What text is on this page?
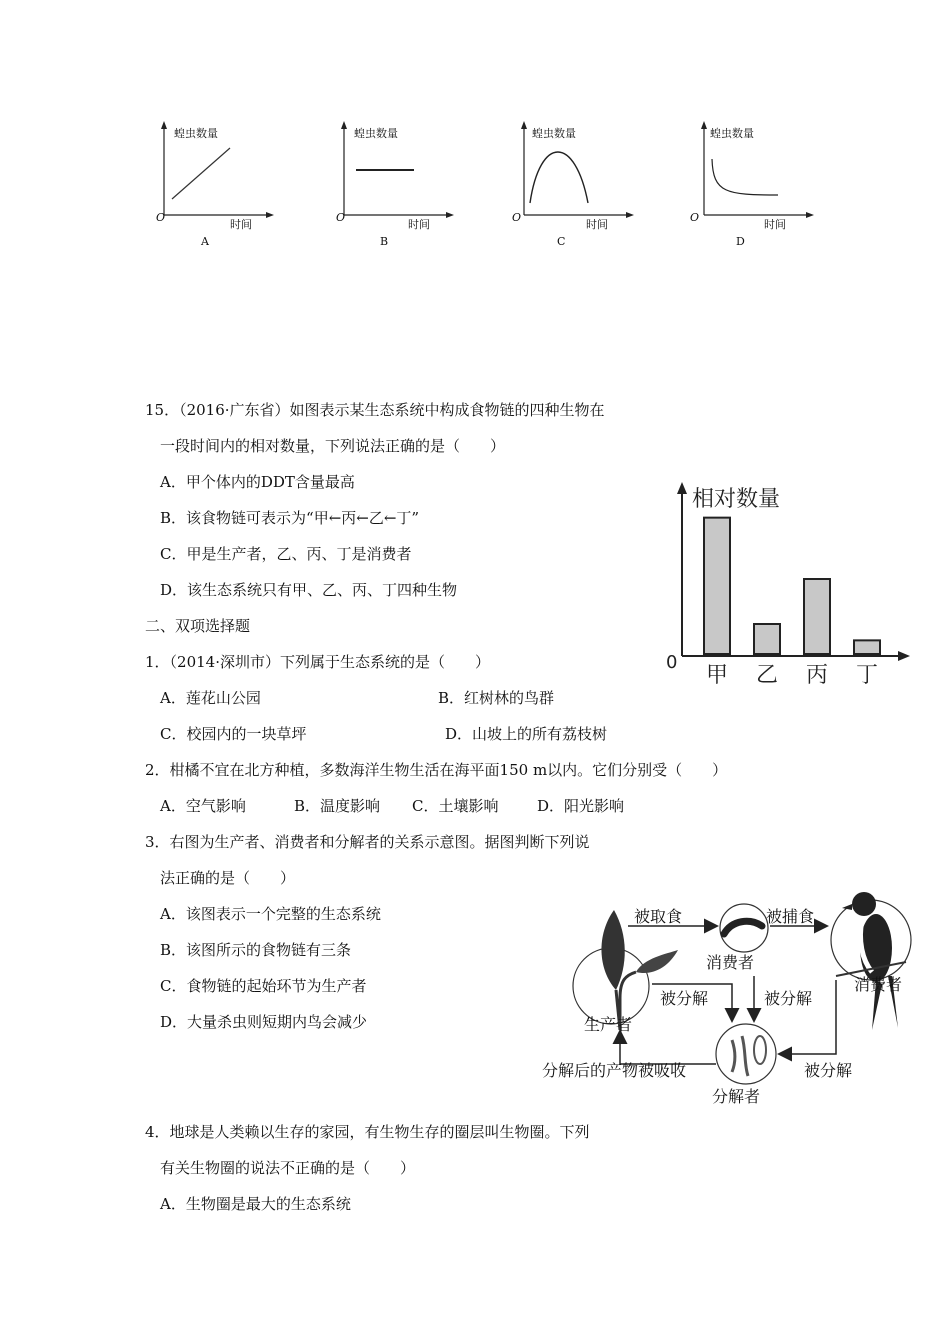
蝗虫数量
O
时间
A
蝗虫数量
O
时间
B
蝗虫数量
O
时间
C
蝗虫数量
O
时间
D
15．（2016·广东省）如图表示某生态系统中构成食物链的四种生物在
一段时间内的相对数量，下列说法正确的是（　　）
A．甲个体内的DDT含量最高
B．该食物链可表示为“甲←丙←乙←丁”
C．甲是生产者，乙、丙、丁是消费者
D．该生态系统只有甲、乙、丙、丁四种生物
相对数量
0
甲 乙 丙 丁
二、双项选择题
1．（2014·深圳市）下列属于生态系统的是（　　）
A．莲花山公园	B．红树林的鸟群
C．校园内的一块草坪	D．山坡上的所有荔枝树
2．柑橘不宜在北方种植，多数海洋生物生活在海平面150 m以内。它们分别受（　　）
A．空气影响	B．温度影响 C．土壤影响	D．阳光影响
3．右图为生产者、消费者和分解者的关系示意图。据图判断下列说
法正确的是（　　）
A．该图表示一个完整的生态系统
B．该图所示的食物链有三条
C．食物链的起始环节为生产者
D．大量杀虫则短期内鸟会减少
被取食	被捕食
消费者
消费者
被分解	被分解
被分解
生产者
分解后的产物被吸收
分解者
4．地球是人类赖以生存的家园，有生物生存的圈层叫生物圈。下列
有关生物圈的说法不正确的是（　　）
A．生物圈是最大的生态系统
